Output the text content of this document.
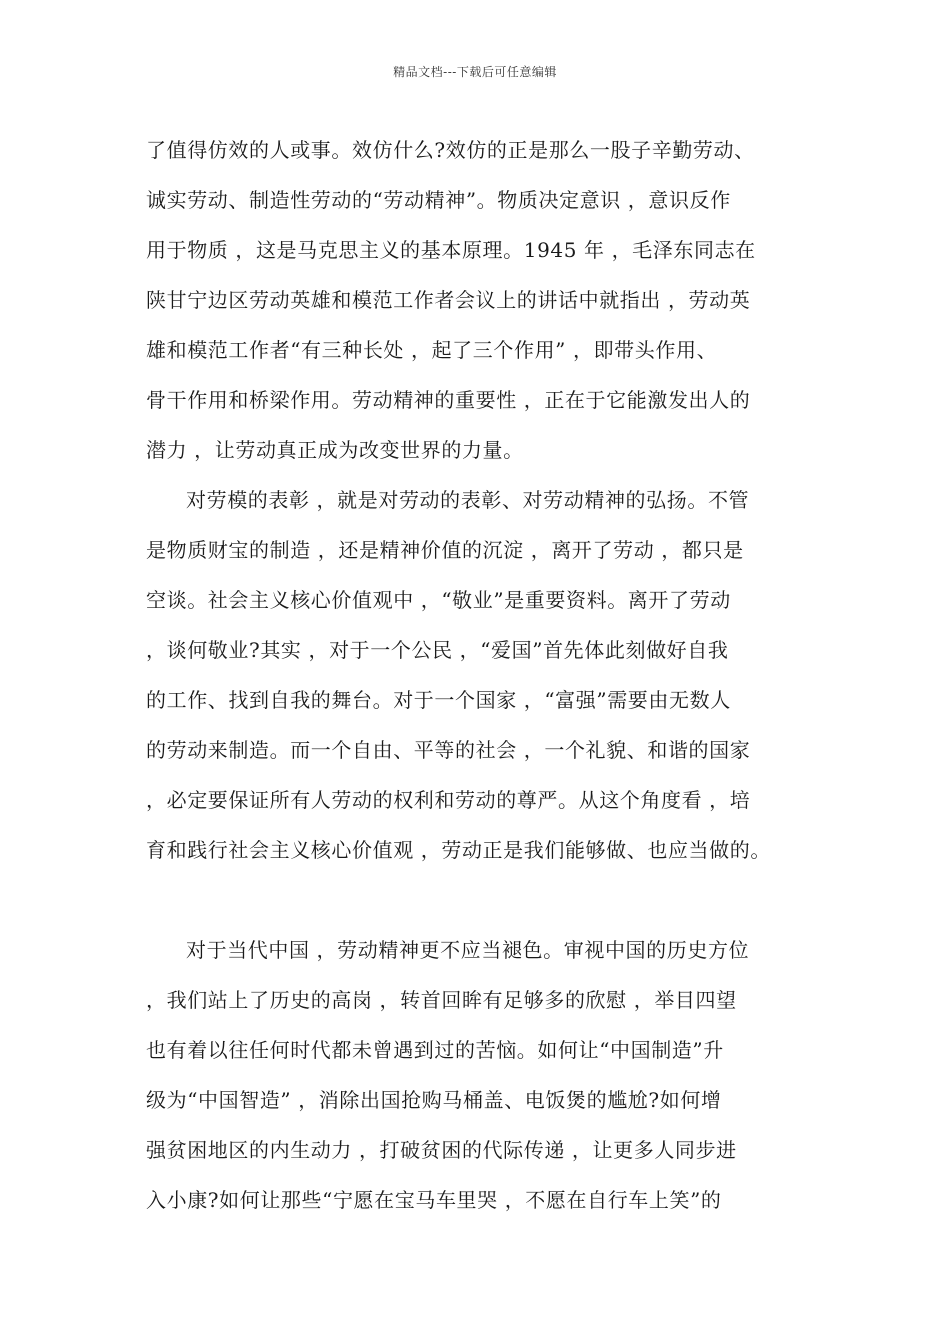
精品文档---下载后可任意编辑
了值得仿效的人或事。效仿什么?效仿的正是那么一股子辛勤劳动、
诚实劳动、制造性劳动的“劳动精神”。物质决定意识 ，意识反作
用于物质 ，这是马克思主义的基本原理。1945 年 ，毛泽东同志在
陕甘宁边区劳动英雄和模范工作者会议上的讲话中就指出 ，劳动英
雄和模范工作者“有三种长处 ，起了三个作用” ，即带头作用、
骨干作用和桥梁作用。劳动精神的重要性 ，正在于它能激发出人的
潜力 ，让劳动真正成为改变世界的力量。
对劳模的表彰 ，就是对劳动的表彰、对劳动精神的弘扬。不管
是物质财宝的制造 ，还是精神价值的沉淀 ，离开了劳动 ，都只是
空谈。社会主义核心价值观中 ，“敬业”是重要资料。离开了劳动
，谈何敬业?其实 ，对于一个公民 ，“爱国”首先体此刻做好自我
的工作、找到自我的舞台。对于一个国家 ，“富强”需要由无数人
的劳动来制造。而一个自由、平等的社会 ，一个礼貌、和谐的国家
，必定要保证所有人劳动的权利和劳动的尊严。从这个角度看 ，培
育和践行社会主义核心价值观 ，劳动正是我们能够做、也应当做的。
对于当代中国 ，劳动精神更不应当褪色。审视中国的历史方位
，我们站上了历史的高岗 ，转首回眸有足够多的欣慰 ，举目四望
也有着以往任何时代都未曾遇到过的苦恼。如何让“中国制造”升
级为“中国智造” ，消除出国抢购马桶盖、电饭煲的尴尬?如何增
强贫困地区的内生动力 ，打破贫困的代际传递 ，让更多人同步进
入小康?如何让那些“宁愿在宝马车里哭 ，不愿在自行车上笑”的
